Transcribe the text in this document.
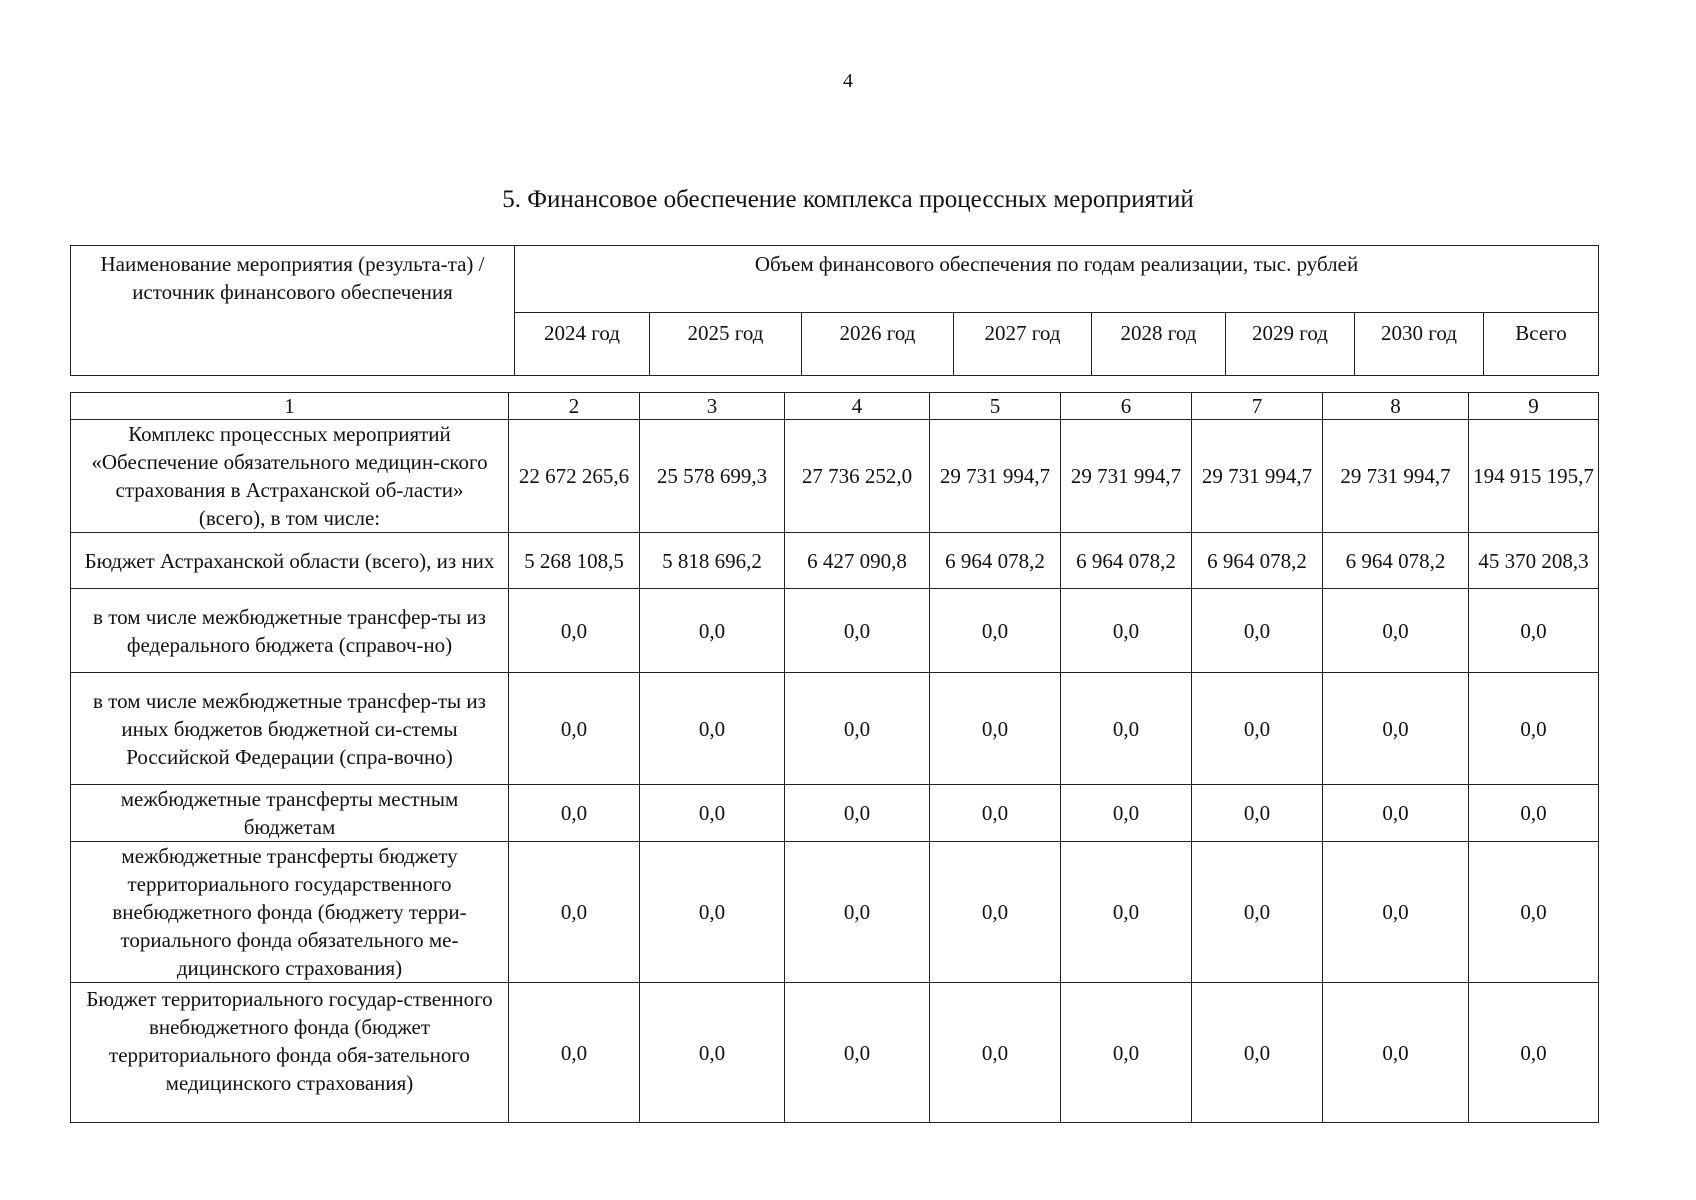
4
5. Финансовое обеспечение комплекса процессных мероприятий
Наименование мероприятия (результа-та) / источник финансового обеспечения	Объем финансового обеспечения по годам реализации, тыс. рублей							
	2024 год	2025 год	2026 год	2027 год	2028 год	2029 год	2030 год	Всего
1	2	3	4	5	6	7	8	9
Комплекс процессных мероприятий «Обеспечение обязательного медицин-ского страхования в Астраханской об-ласти» (всего), в том числе:	22 672 265,6	25 578 699,3	27 736 252,0	29 731 994,7	29 731 994,7	29 731 994,7	29 731 994,7	194 915 195,7
Бюджет Астраханской области (всего), из них	5 268 108,5	5 818 696,2	6 427 090,8	6 964 078,2	6 964 078,2	6 964 078,2	6 964 078,2	45 370 208,3
в том числе межбюджетные трансфер-ты из федерального бюджета (справоч-но)	0,0	0,0	0,0	0,0	0,0	0,0	0,0	0,0
в том числе межбюджетные трансфер-ты из иных бюджетов бюджетной си-стемы Российской Федерации (спра-вочно)	0,0	0,0	0,0	0,0	0,0	0,0	0,0	0,0
межбюджетные трансферты местным бюджетам	0,0	0,0	0,0	0,0	0,0	0,0	0,0	0,0
межбюджетные трансферты бюджету территориального государственного внебюджетного фонда (бюджету терри-ториального фонда обязательного ме-дицинского страхования)	0,0	0,0	0,0	0,0	0,0	0,0	0,0	0,0
Бюджет территориального государ-ственного внебюджетного фонда (бюджет территориального фонда обя-зательного медицинского страхования)	0,0	0,0	0,0	0,0	0,0	0,0	0,0	0,0
